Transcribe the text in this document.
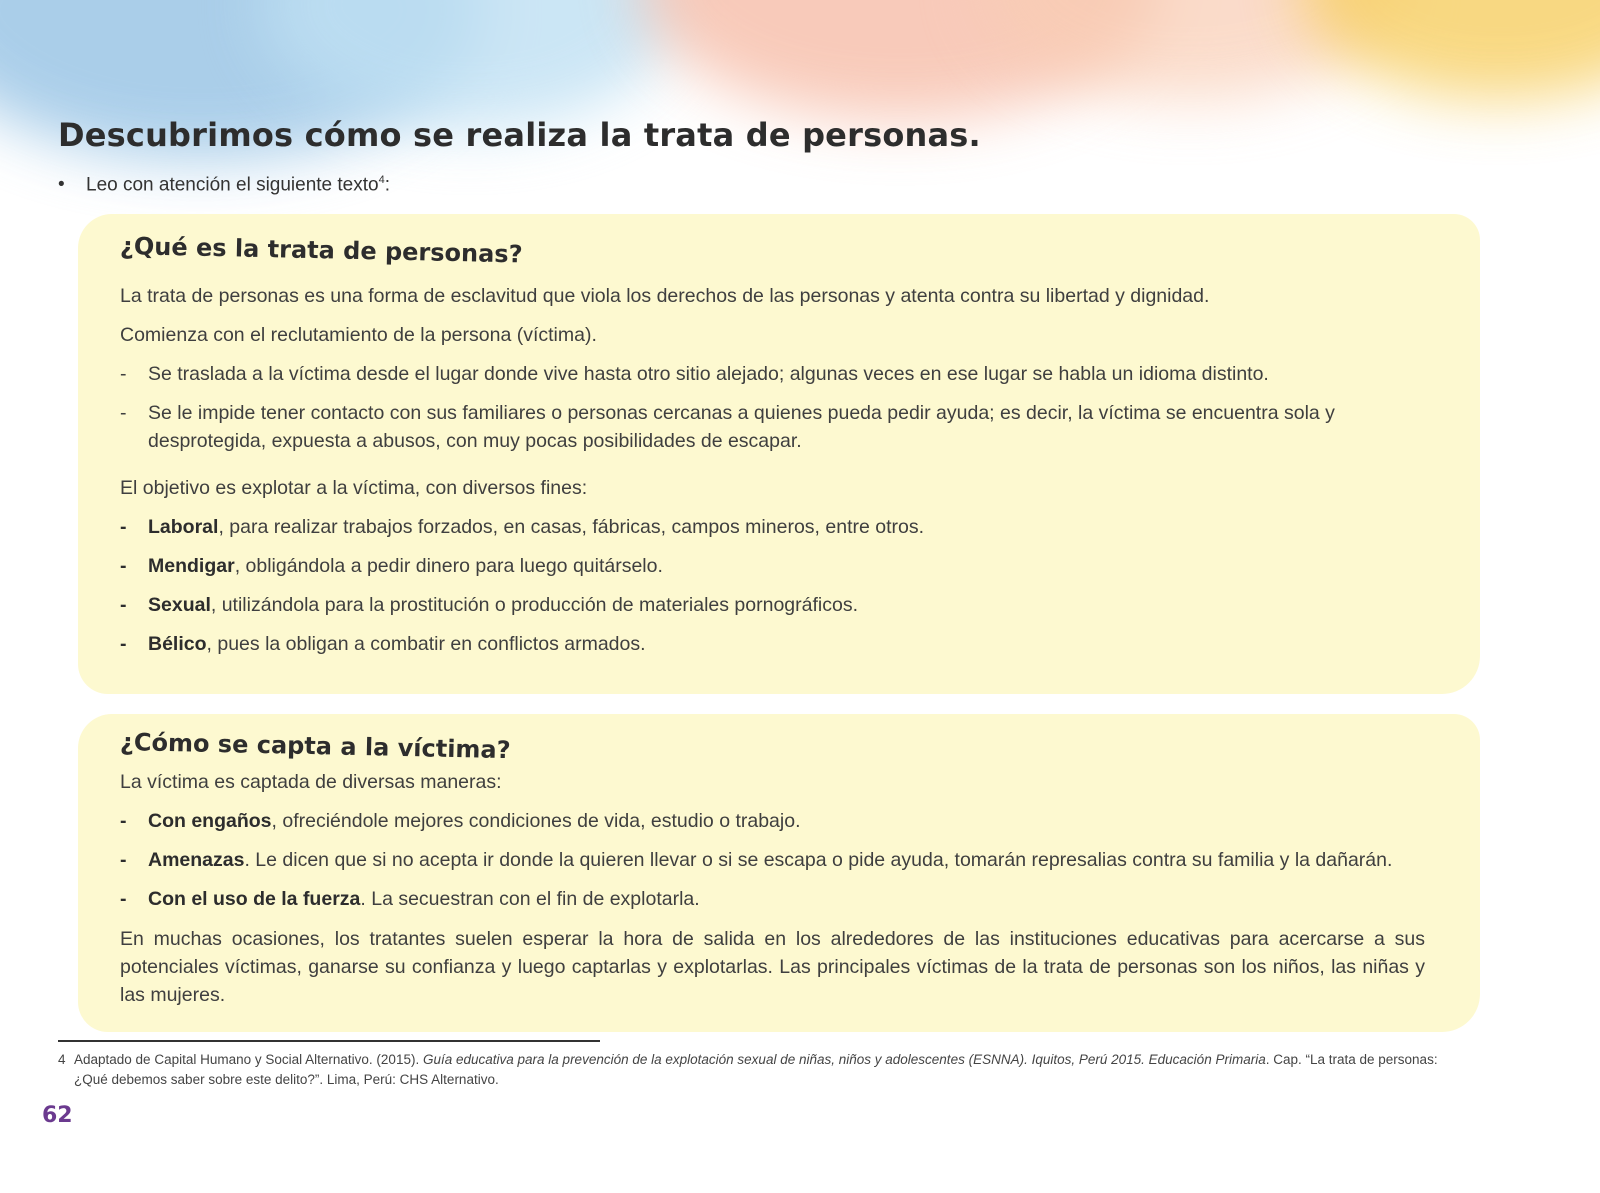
Descubrimos cómo se realiza la trata de personas.
• Leo con atención el siguiente texto$^4$:
¿Qué es la trata de personas?
La trata de personas es una forma de esclavitud que viola los derechos de las personas y atenta contra su libertad y dignidad.
Comienza con el reclutamiento de la persona (víctima).
-	Se traslada a la víctima desde el lugar donde vive hasta otro sitio alejado; algunas veces en ese lugar se habla un idioma distinto.
-	Se le impide tener contacto con sus familiares o personas cercanas a quienes pueda pedir ayuda; es decir, la víctima se encuentra sola y desprotegida, expuesta a abusos, con muy pocas posibilidades de escapar.
El objetivo es explotar a la víctima, con diversos fines:
-	Laboral, para realizar trabajos forzados, en casas, fábricas, campos mineros, entre otros.
-	Mendigar, obligándola a pedir dinero para luego quitárselo.
-	Sexual, utilizándola para la prostitución o producción de materiales pornográficos.
-	Bélico, pues la obligan a combatir en conflictos armados.
¿Cómo se capta a la víctima?
La víctima es captada de diversas maneras:
-	Con engaños, ofreciéndole mejores condiciones de vida, estudio o trabajo.
-	Amenazas. Le dicen que si no acepta ir donde la quieren llevar o si se escapa o pide ayuda, tomarán represalias contra su familia y la dañarán.
-	Con el uso de la fuerza. La secuestran con el fin de explotarla.
En muchas ocasiones, los tratantes suelen esperar la hora de salida en los alrededores de las instituciones educativas para acercarse a sus potenciales víctimas, ganarse su confianza y luego captarlas y explotarlas. Las principales víctimas de la trata de personas son los niños, las niñas y las mujeres.
4 Adaptado de Capital Humano y Social Alternativo. (2015). Guía educativa para la prevención de la explotación sexual de niñas, niños y adolescentes (ESNNA). Iquitos, Perú 2015. Educación Primaria. Cap. “La trata de personas: ¿Qué debemos saber sobre este delito?”. Lima, Perú: CHS Alternativo.
62
